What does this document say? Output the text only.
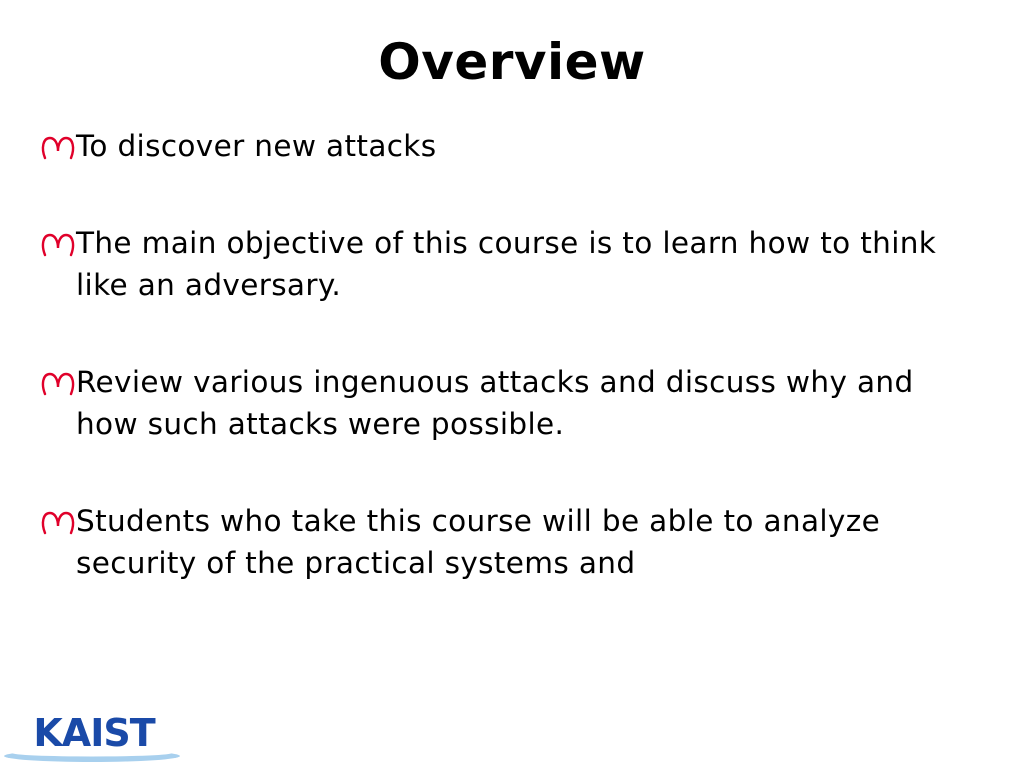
Overview
To discover new attacks
The main objective of this course is to learn how to think like an adversary.
Review various ingenuous attacks and discuss why and how such attacks were possible.
Students who take this course will be able to analyze security of the practical systems and
KAIST
